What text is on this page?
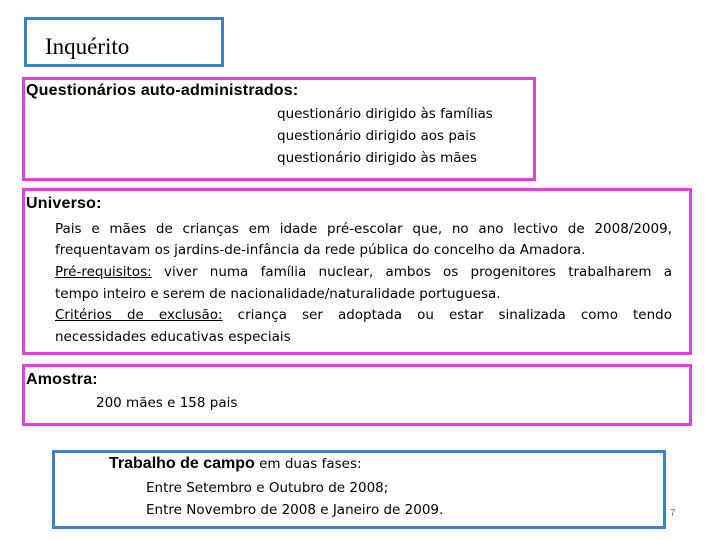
Inquérito
Questionários auto-administrados:
questionário dirigido às famílias
questionário dirigido aos pais
questionário dirigido às mães
Universo:
Pais e mães de crianças em idade pré-escolar que, no ano lectivo de 2008/2009,
frequentavam os jardins-de-infância da rede pública do concelho da Amadora.
Pré-requisitos: viver numa família nuclear, ambos os progenitores trabalharem a
tempo inteiro e serem de nacionalidade/naturalidade portuguesa.
Critérios de exclusão: criança ser adoptada ou estar sinalizada como tendo
necessidades educativas especiais
Amostra:
200 mães e 158 pais
Trabalho de campo em duas fases:
Entre Setembro e Outubro de 2008;
Entre Novembro de 2008 e Janeiro de 2009.	7
